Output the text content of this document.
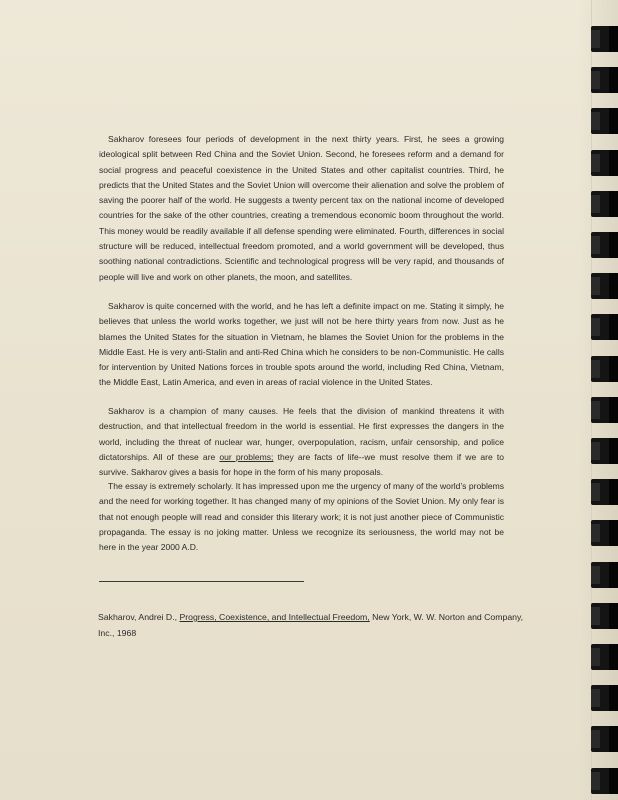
Sakharov foresees four periods of development in the next thirty years. First, he sees a growing ideological split between Red China and the Soviet Union. Second, he foresees reform and a demand for social progress and peaceful coexistence in the United States and other capitalist countries. Third, he predicts that the United States and the Soviet Union will overcome their alienation and solve the problem of saving the poorer half of the world. He suggests a twenty percent tax on the national income of developed countries for the sake of the other countries, creating a tremendous economic boom throughout the world. This money would be readily available if all defense spending were eliminated. Fourth, differences in social structure will be reduced, intellectual freedom promoted, and a world government will be developed, thus soothing national contradictions. Scientific and technological progress will be very rapid, and thousands of people will live and work on other planets, the moon, and satellites.

Sakharov is quite concerned with the world, and he has left a definite impact on me. Stating it simply, he believes that unless the world works together, we just will not be here thirty years from now. Just as he blames the United States for the situation in Vietnam, he blames the Soviet Union for the problems in the Middle East. He is very anti-Stalin and anti-Red China which he considers to be non-Communistic. He calls for intervention by United Nations forces in trouble spots around the world, including Red China, Vietnam, the Middle East, Latin America, and even in areas of racial violence in the United States.

Sakharov is a champion of many causes. He feels that the division of mankind threatens it with destruction, and that intellectual freedom in the world is essential. He first expresses the dangers in the world, including the threat of nuclear war, hunger, overpopulation, racism, unfair censorship, and police dictatorships. All of these are our problems; they are facts of life--we must resolve them if we are to survive. Sakharov gives a basis for hope in the form of his many proposals.

The essay is extremely scholarly. It has impressed upon me the urgency of many of the world’s problems and the need for working together. It has changed many of my opinions of the Soviet Union. My only fear is that not enough people will read and consider this literary work; it is not just another piece of Communistic propaganda. The essay is no joking matter. Unless we recognize its seriousness, the world may not be here in the year 2000 A.D.

Sakharov, Andrei D., Progress, Coexistence, and Intellectual Freedom, New York, W. W. Norton and Company, Inc., 1968
